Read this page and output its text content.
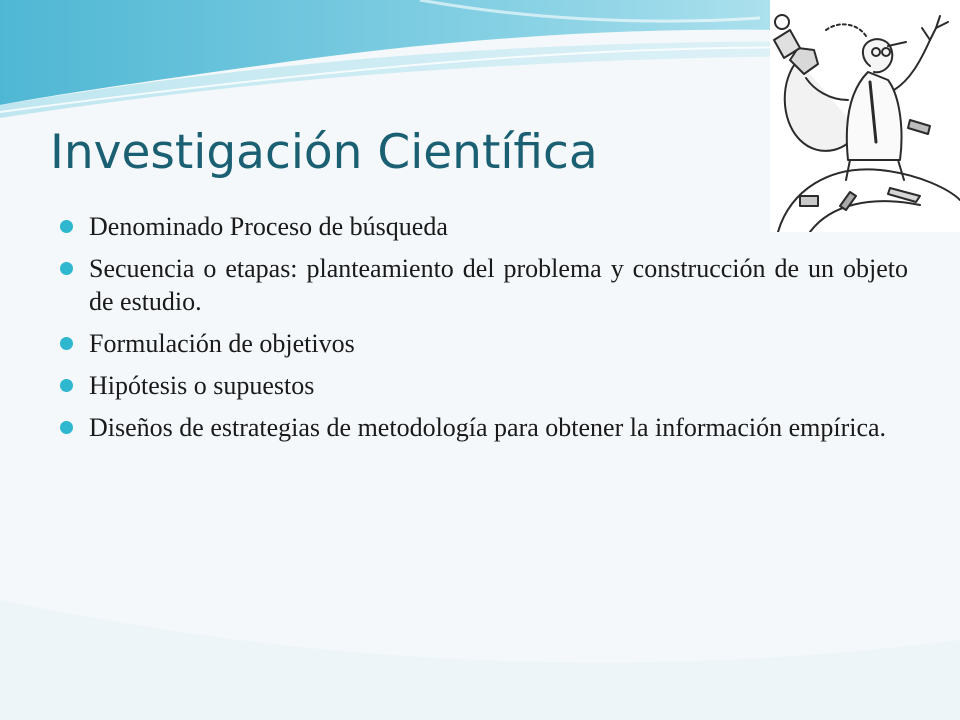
Investigación Científica
Denominado Proceso de búsqueda
Secuencia o etapas: planteamiento del problema y construcción de un objeto de estudio.
Formulación de objetivos
Hipótesis o supuestos
Diseños de estrategias de metodología para obtener la información empírica.
